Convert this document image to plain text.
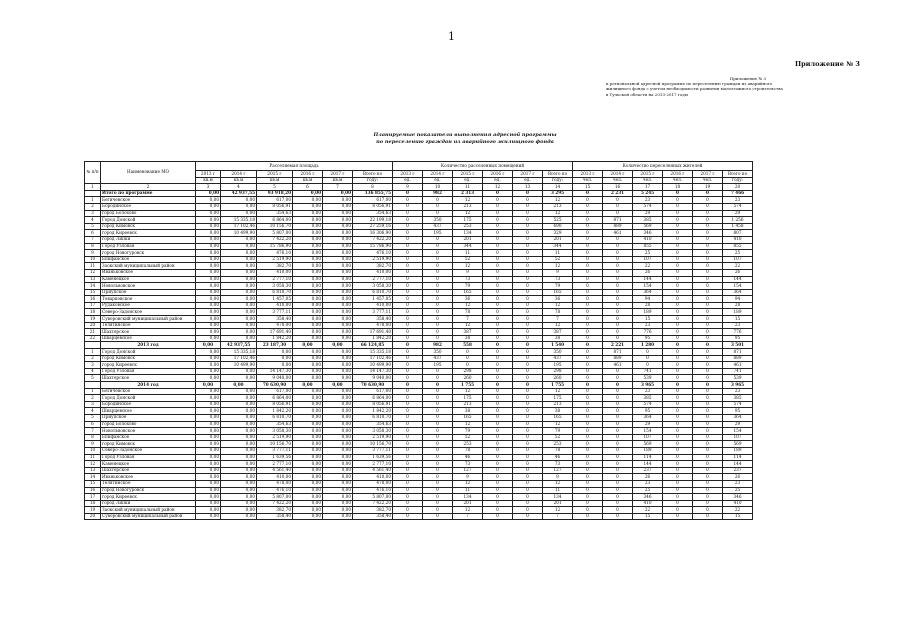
1
Приложение № 3
Приложение № 3
к региональной адресной программе по переселению граждан из аварийного
жилищного фонда с учетом необходимости развития малоэтажного строительства
в Тульской области на 2013-2017 годы
Планируемые показатели выполнения адресной программы
по переселению граждан из аварийного жилищного фонда
№ п/п	Наименование МО	Расселяемая площадь						Количество расселенных помещений						Количество переселенных жителей					
		2013 г	2014 г	2015 г	2016 г	2017 г	Всего по	2013 г	2014 г	2015 г	2016 г	2017 г	Всего по	2013 г	2014 г	2015 г	2016 г	2017 г	Всего по
		кв.м	кв.м	кв.м	кв.м	кв.м	году:	ед.	ед.	ед.	ед.	ед.	году:	чел.	чел.	чел.	чел.	чел.	году:
1	2	3	4	5	6	7	8	9	10	11	12	13	14	15	16	17	18	19	20
	Итого по программе	0,00	42 937,55	93 918,20	0,00	0,00	136 855,75	0	982	2 313	0	0	3 295	0	2 231	5 245	0	0	7 466
1	Бегичевское	0,00	0,00	617,00	0,00	0,00	617,00	0	0	12	0	0	12	0	0	23	0	0	23
2	Бородинское	0,00	0,00	8 056,91	0,00	0,00	8 056,91	0	0	213	0	0	213	0	0	574	0	0	574
3	город Болохово	0,00	0,00	354,63	0,00	0,00	354,63	0	0	12	0	0	12	0	0	29	0	0	29
4	Город Донской	0,00	15 335,18	6 864,00	0,00	0,00	22 199,18	0	350	175	0	0	525	0	871	385	0	0	1 256
5	город Кимовск	0,00	17 102,46	10 156,70	0,00	0,00	27 259,16	0	437	253	0	0	690	0	889	569	0	0	1 458
6	город Киреевск	0,00	10 499,90	5 807,00	0,00	0,00	16 306,90	0	195	134	0	0	329	0	461	346	0	0	807
7	город Липки	0,00	0,00	7 422,20	0,00	0,00	7 422,20	0	0	201	0	0	201	0	0	410	0	0	410
8	Город Узловая	0,00	0,00	15 786,90	0,00	0,00	15 786,90	0	0	344	0	0	344	0	0	855	0	0	855
9	город Новогуровск	0,00	0,00	476,10	0,00	0,00	476,10	0	0	11	0	0	11	0	0	25	0	0	25
10	Епифанское	0,00	0,00	2 519,90	0,00	0,00	2 519,90	0	0	52	0	0	52	0	0	107	0	0	107
11	Заокский муниципальный район	0,00	0,00	382,70	0,00	0,00	382,70	0	0	12	0	0	12	0	0	22	0	0	22
12	Иваньковское	0,00	0,00	410,00	0,00	0,00	410,00	0	0	9	0	0	9	0	0	26	0	0	26
13	Каменецкое	0,00	0,00	2 777,10	0,00	0,00	2 777,10	0	0	73	0	0	73	0	0	144	0	0	144
14	Новольвовское	0,00	0,00	3 058,30	0,00	0,00	3 058,30	0	0	79	0	0	79	0	0	154	0	0	154
15	Приупское	0,00	0,00	6 810,70	0,00	0,00	6 810,70	0	0	165	0	0	165	0	0	364	0	0	364
16	Товарковское	0,00	0,00	1 457,05	0,00	0,00	1 457,05	0	0	36	0	0	36	0	0	94	0	0	94
17	Рудаковское	0,00	0,00	410,00	0,00	0,00	410,00	0	0	12	0	0	12	0	0	28	0	0	28
18	Северо-Задонское	0,00	0,00	3 777,11	0,00	0,00	3 777,11	0	0	78	0	0	78	0	0	189	0	0	189
19	Суворовский муниципальный район	0,00	0,00	358,40	0,00	0,00	358,40	0	0	7	0	0	7	0	0	15	0	0	15
20	Телятинское	0,00	0,00	478,00	0,00	0,00	478,00	0	0	12	0	0	12	0	0	23	0	0	23
21	Шахтерское	0,00	0,00	17 691,40	0,00	0,00	17 691,40	0	0	387	0	0	387	0	0	776	0	0	776
22	Шварцевское	0,00	0,00	1 842,20	0,00	0,00	1 842,20	0	0	38	0	0	38	0	0	95	0	0	95
	2013 год	0,00	42 937,55	23 187,30	0,00	0,00	66 124,85	0	982	558	0	0	1 540	0	2 221	1 280	0	0	3 501
1	Город Донской	0,00	15 335,18	0,00	0,00	0,00	15 335,18	0	350	0	0	0	350	0	871	0	0	0	871
2	город Кимовск	0,00	17 102,46	0,00	0,00	0,00	17 102,46	0	437	0	0	0	437	0	889	0	0	0	889
3	город Киреевск	0,00	10 499,90	0,00	0,00	0,00	10 499,90	0	195	0	0	0	195	0	461	0	0	0	461
4	Город Узловая	0,00	0,00	14 147,30	0,00	0,00	14 147,30	0	0	298	0	0	298	0	0	741	0	0	741
5	Шахтерское	0,00	0,00	9 040,00	0,00	0,00	9 040,00	0	0	260	0	0	260	0	0	539	0	0	539
	2014 год	0,00	0,00	70 630,90	0,00	0,00	70 630,90	0	0	1 755	0	0	1 755	0	0	3 965	0	0	3 965
1	Бегичевское	0,00	0,00	617,00	0,00	0,00	617,00	0	0	12	0	0	12	0	0	23	0	0	23
2	Город Донской	0,00	0,00	6 864,00	0,00	0,00	6 864,00	0	0	175	0	0	175	0	0	385	0	0	385
3	Бородинское	0,00	0,00	8 056,91	0,00	0,00	8 056,91	0	0	213	0	0	213	0	0	574	0	0	574
4	Шварцевское	0,00	0,00	1 842,20	0,00	0,00	1 842,20	0	0	38	0	0	38	0	0	95	0	0	95
5	Приупское	0,00	0,00	6 810,70	0,00	0,00	6 810,70	0	0	165	0	0	165	0	0	364	0	0	364
6	город Болохово	0,00	0,00	354,63	0,00	0,00	354,63	0	0	12	0	0	12	0	0	29	0	0	29
7	Новольвовское	0,00	0,00	3 058,30	0,00	0,00	3 058,30	0	0	79	0	0	79	0	0	154	0	0	154
8	Епифанское	0,00	0,00	2 519,90	0,00	0,00	2 519,90	0	0	52	0	0	52	0	0	107	0	0	107
9	город Кимовск	0,00	0,00	10 156,70	0,00	0,00	10 156,70	0	0	253	0	0	253	0	0	569	0	0	569
10	Северо-Задонское	0,00	0,00	3 777,11	0,00	0,00	3 777,11	0	0	78	0	0	78	0	0	189	0	0	189
11	Город Узловая	0,00	0,00	1 639,56	0,00	0,00	1 639,56	0	0	46	0	0	46	0	0	114	0	0	114
12	Каменецкое	0,00	0,00	2 777,10	0,00	0,00	2 777,10	0	0	73	0	0	73	0	0	144	0	0	144
13	Шахтерское	0,00	0,00	4 561,40	0,00	0,00	4 561,40	0	0	127	0	0	127	0	0	237	0	0	237
14	Иваньковское	0,00	0,00	410,00	0,00	0,00	410,00	0	0	9	0	0	9	0	0	26	0	0	26
15	Телятинское	0,00	0,00	478,00	0,00	0,00	478,00	0	0	12	0	0	12	0	0	23	0	0	23
16	город Новогуровск	0,00	0,00	476,10	0,00	0,00	476,10	0	0	11	0	0	11	0	0	25	0	0	25
17	город Киреевск	0,00	0,00	5 807,00	0,00	0,00	5 807,00	0	0	134	0	0	134	0	0	346	0	0	346
18	город Липки	0,00	0,00	7 422,20	0,00	0,00	7 422,20	0	0	201	0	0	201	0	0	410	0	0	410
19	Заокский муниципальный район	0,00	0,00	382,70	0,00	0,00	382,70	0	0	12	0	0	12	0	0	22	0	0	22
20	Суворовский муниципальный район	0,00	0,00	358,40	0,00	0,00	358,40	0	0	7	0	0	7	0	0	15	0	0	15
